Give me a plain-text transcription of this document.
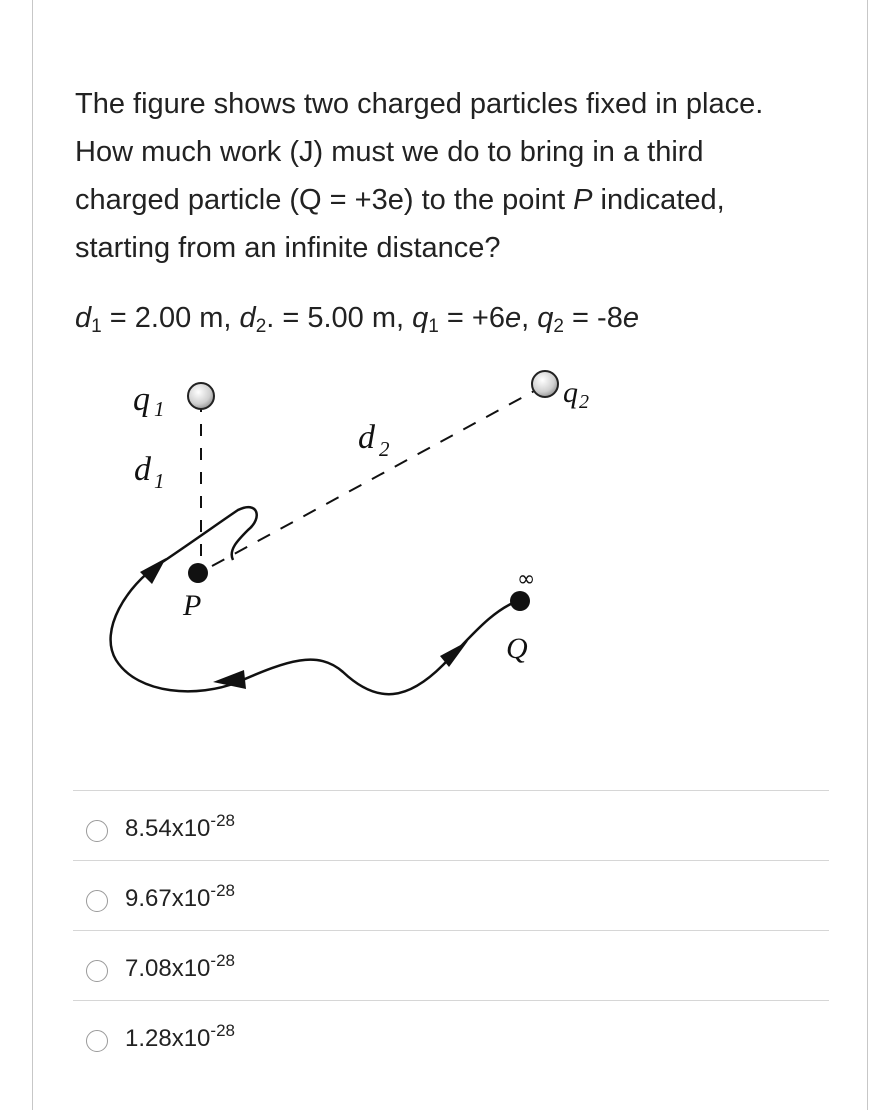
The figure shows two charged particles fixed in place.
How much work (J) must we do to bring in a third
charged particle (Q = +3e) to the point P indicated,
starting from an infinite distance?

$d_1 = 2.00$ m, $d_2$. = 5.00 m, $q_1 = +6e$, $q_2 = -8e$
q 1	q 2
d 1
d 2
P
Q
∞
$8.54x10^{-28}$
$9.67x10^{-28}$
$7.08x10^{-28}$
$1.28x10^{-28}$
